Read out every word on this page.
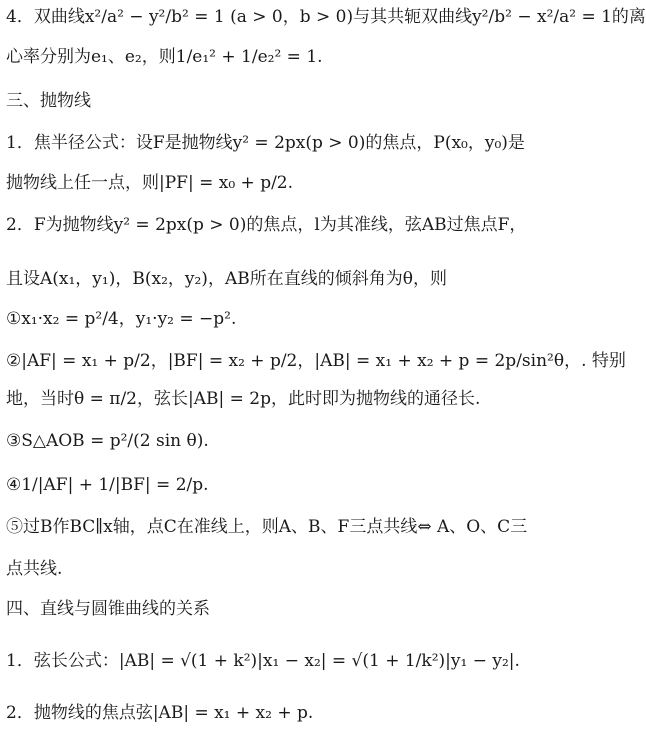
4．双曲线x²/a² − y²/b² = 1 (a > 0，b > 0)与其共轭双曲线y²/b² − x²/a² = 1的离
心率分别为e₁、e₂，则1/e₁² + 1/e₂² = 1.
三、抛物线
1．焦半径公式：设F是抛物线y² = 2px(p > 0)的焦点，P(x₀，y₀)是
抛物线上任一点，则|PF| = x₀ + p/2.
2．F为抛物线y² = 2px(p > 0)的焦点，l为其准线，弦AB过焦点F，
且设A(x₁，y₁)，B(x₂，y₂)，AB所在直线的倾斜角为θ，则
①x₁·x₂ = p²/4，y₁·y₂ = −p².
②|AF| = x₁ + p/2，|BF| = x₂ + p/2，|AB| = x₁ + x₂ + p = 2p/sin²θ，. 特别
地，当时θ = π/2，弦长|AB| = 2p，此时即为抛物线的通径长.
③S△AOB = p²/(2 sin θ).
④1/|AF| + 1/|BF| = 2/p.
⑤过B作BC∥x轴，点C在准线上，则A、B、F三点共线⇔ A、O、C三
点共线.
四、直线与圆锥曲线的关系
1．弦长公式：|AB| = √(1 + k²)|x₁ − x₂| = √(1 + 1/k²)|y₁ − y₂|.
2．抛物线的焦点弦|AB| = x₁ + x₂ + p.
